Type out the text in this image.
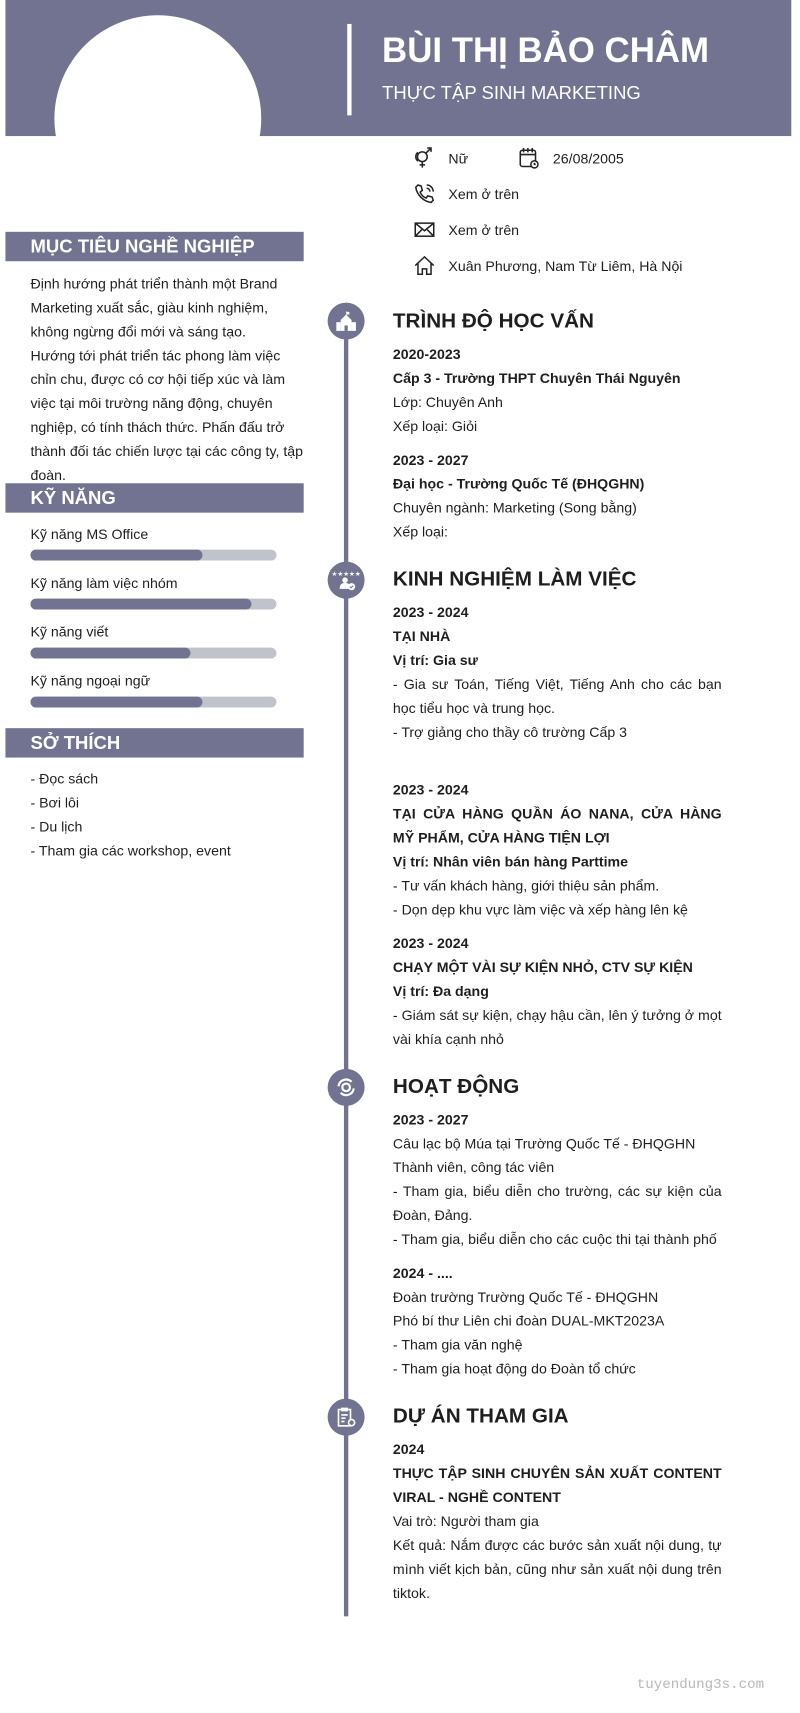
BÙI THỊ BẢO CHÂM
THỰC TẬP SINH MARKETING
Nữ	26/08/2005
Xem ở trên
Xem ở trên
Xuân Phương, Nam Từ Liêm, Hà Nội
MỤC TIÊU NGHỀ NGHIỆP
Định hướng phát triển thành một Brand Marketing xuất sắc, giàu kinh nghiệm, không ngừng đổi mới và sáng tạo.
Hướng tới phát triển tác phong làm việc chỉn chu, được có cơ hội tiếp xúc và làm việc tại môi trường năng động, chuyên nghiệp, có tính thách thức. Phấn đấu trở thành đối tác chiến lược tại các công ty, tập đoàn.
KỸ NĂNG
Kỹ năng MS Office
Kỹ năng làm việc nhóm
Kỹ năng viết
Kỹ năng ngoại ngữ
SỞ THÍCH
- Đọc sách
- Bơi lôi
- Du lịch
- Tham gia các workshop, event
★★★★★
TRÌNH ĐỘ HỌC VẤN

2020-2023

Cấp 3 - Trường THPT Chuyên Thái Nguyên

Lớp: Chuyên Anh

Xếp loại: Giỏi

2023 - 2027

Đại học - Trường Quốc Tế (ĐHQGHN)

Chuyên ngành: Marketing (Song bằng)

Xếp loại:

KINH NGHIỆM LÀM VIỆC

2023 - 2024

TẠI NHÀ

Vị trí: Gia sư

- Gia sư Toán, Tiếng Việt, Tiếng Anh cho các bạn học tiểu học và trung học.

- Trợ giảng cho thầy cô trường Cấp 3

2023 - 2024

TẠI CỬA HÀNG QUẦN ÁO NANA, CỬA HÀNG MỸ PHẨM, CỬA HÀNG TIỆN LỢI

Vị trí: Nhân viên bán hàng Parttime

- Tư vấn khách hàng, giới thiệu sản phẩm.

- Dọn dẹp khu vực làm việc và xếp hàng lên kệ

2023 - 2024

CHẠY MỘT VÀI SỰ KIỆN NHỎ, CTV SỰ KIỆN

Vị trí: Đa dạng

- Giám sát sự kiện, chạy hậu cần, lên ý tưởng ở mọt vài khía cạnh nhỏ

HOẠT ĐỘNG

2023 - 2027

Câu lạc bộ Múa tại Trường Quốc Tế - ĐHQGHN

Thành viên, công tác viên

- Tham gia, biểu diễn cho trường, các sự kiện của Đoàn, Đảng.

- Tham gia, biểu diễn cho các cuộc thi tại thành phố

2024 - ....

Đoàn trường Trường Quốc Tế - ĐHQGHN

Phó bí thư Liên chi đoàn DUAL-MKT2023A

- Tham gia văn nghệ

- Tham gia hoạt động do Đoàn tổ chức

DỰ ÁN THAM GIA

2024

THỰC TẬP SINH CHUYÊN SẢN XUẤT CONTENT VIRAL - NGHỀ CONTENT

Vai trò: Người tham gia

Kết quả: Nắm được các bước sản xuất nội dung, tự mình viết kịch bản, cũng như sản xuất nội dung trên tiktok.

tuyendung3s.com
